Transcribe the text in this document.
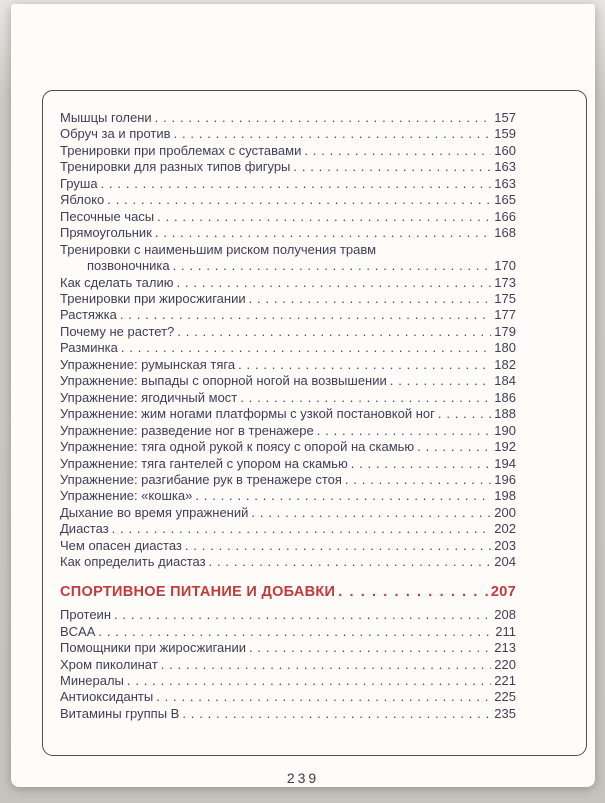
Мышцы голени . . .	157
Обруч за и против . . .	159
Тренировки при проблемах с суставами . . .	160
Тренировки для разных типов фигуры . . .	163
Груша . . .	163
Яблоко . . .	165
Песочные часы . . .	166
Прямоугольник . . .	168
Тренировки с наименьшим риском получения травм
позвоночника . . .	170
Как сделать талию . . .	173
Тренировки при жиросжигании . . .	175
Растяжка . . .	177
Почему не растет? . . .	179
Разминка . . .	180
Упражнение: румынская тяга . . .	182
Упражнение: выпады с опорной ногой на возвышении . . .	184
Упражнение: ягодичный мост . . .	186
Упражнение: жим ногами платформы с узкой постановкой ног . . .	188
Упражнение: разведение ног в тренажере . . .	190
Упражнение: тяга одной рукой к поясу с опорой на скамью . . .	192
Упражнение: тяга гантелей с упором на скамью . . .	194
Упражнение: разгибание рук в тренажере стоя . . .	196
Упражнение: «кошка» . . .	198
Дыхание во время упражнений . . .	200
Диастаз . . .	202
Чем опасен диастаз . . .	203
Как определить диастаз . . .	204
СПОРТИВНОЕ ПИТАНИЕ И ДОБАВКИ . . .	207
Протеин . . .	208
BCAA . . .	211
Помощники при жиросжигании . . .	213
Хром пиколинат . . .	220
Минералы . . .	221
Антиоксиданты . . .	225
Витамины группы В . . .	235
239
